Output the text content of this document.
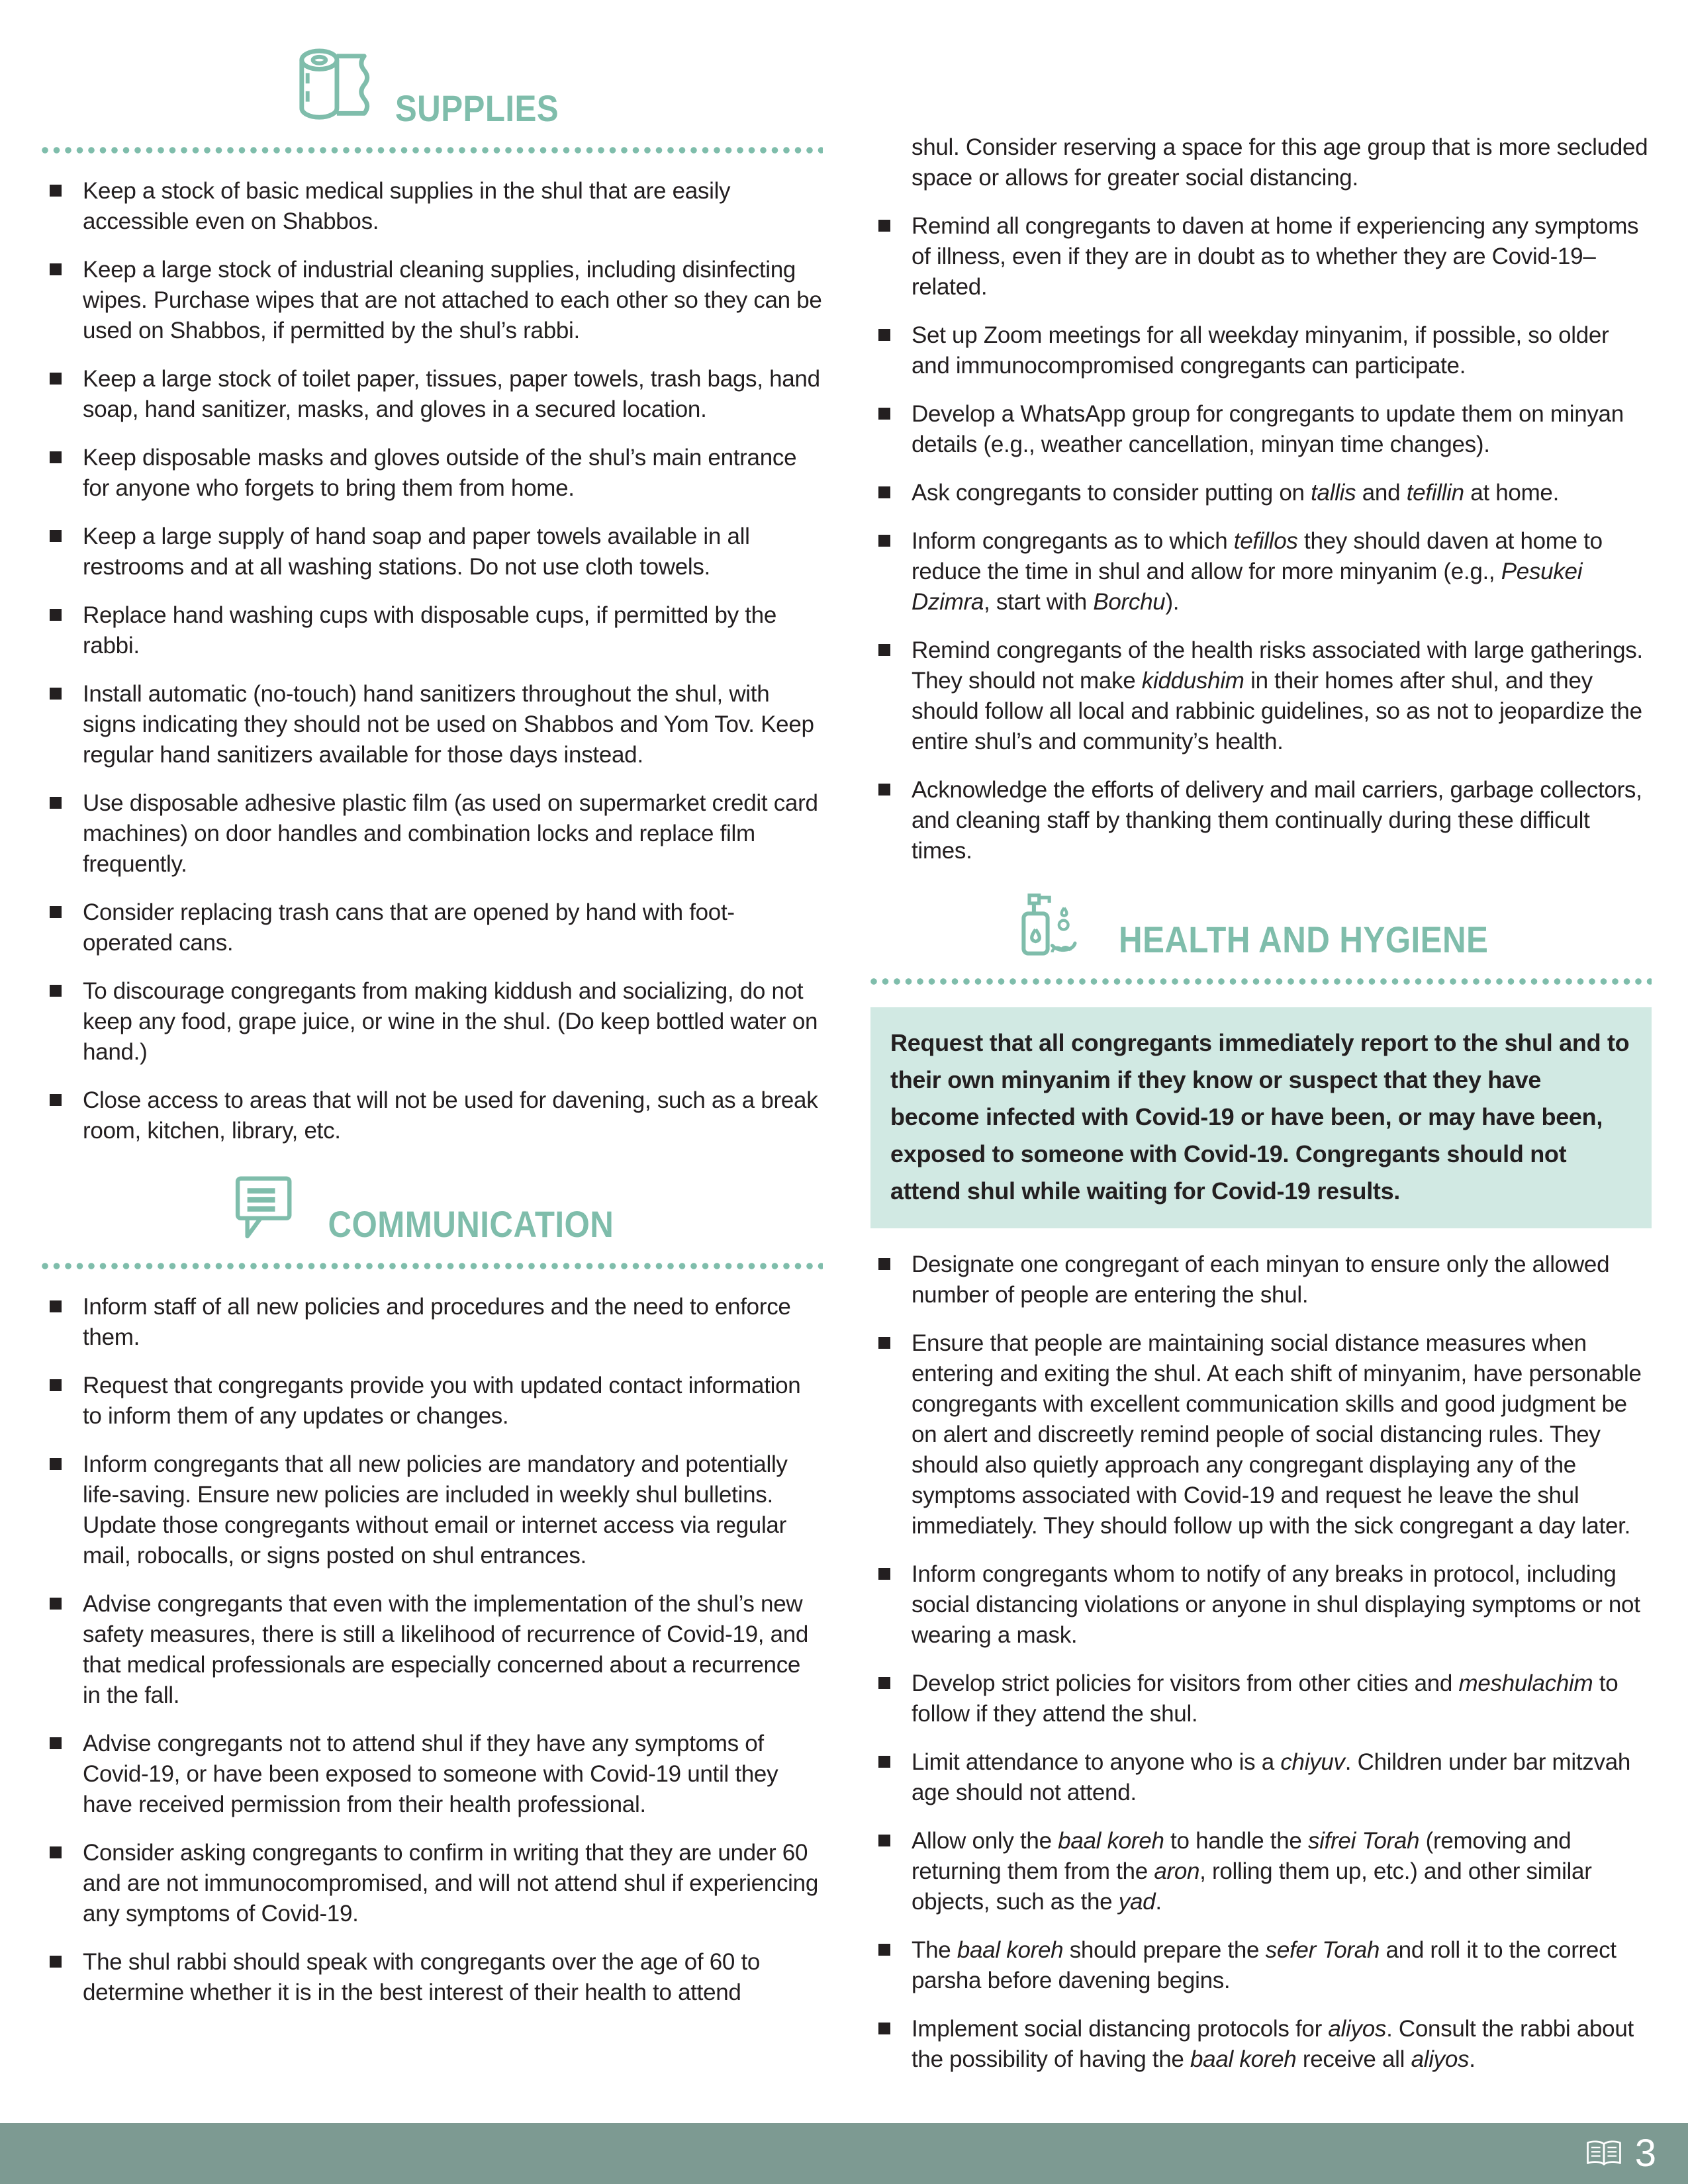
SUPPLIES
Keep a stock of basic medical supplies in the shul that are easily accessible even on Shabbos.
Keep a large stock of industrial cleaning supplies, including disinfecting wipes. Purchase wipes that are not attached to each other so they can be used on Shabbos, if permitted by the shul’s rabbi.
Keep a large stock of toilet paper, tissues, paper towels, trash bags, hand soap, hand sanitizer, masks, and gloves in a secured location.
Keep disposable masks and gloves outside of the shul’s main entrance for anyone who forgets to bring them from home.
Keep a large supply of hand soap and paper towels available in all restrooms and at all washing stations. Do not use cloth towels.
Replace hand washing cups with disposable cups, if permitted by the rabbi.
Install automatic (no-touch) hand sanitizers throughout the shul, with signs indicating they should not be used on Shabbos and Yom Tov. Keep regular hand sanitizers available for those days instead.
Use disposable adhesive plastic film (as used on supermarket credit card machines) on door handles and combination locks and replace film frequently.
Consider replacing trash cans that are opened by hand with foot-operated cans.
To discourage congregants from making kiddush and socializing, do not keep any food, grape juice, or wine in the shul. (Do keep bottled water on hand.)
Close access to areas that will not be used for davening, such as a break room, kitchen, library, etc.
COMMUNICATION
Inform staff of all new policies and procedures and the need to enforce them.
Request that congregants provide you with updated contact information to inform them of any updates or changes.
Inform congregants that all new policies are mandatory and potentially life-saving. Ensure new policies are included in weekly shul bulletins. Update those congregants without email or internet access via regular mail, robocalls, or signs posted on shul entrances.
Advise congregants that even with the implementation of the shul’s new safety measures, there is still a likelihood of recurrence of Covid-19, and that medical professionals are especially concerned about a recurrence in the fall.
Advise congregants not to attend shul if they have any symptoms of Covid-19, or have been exposed to someone with Covid-19 until they have received permission from their health professional.
Consider asking congregants to confirm in writing that they are under 60 and are not immunocompromised, and will not attend shul if experiencing any symptoms of Covid-19.
The shul rabbi should speak with congregants over the age of 60 to determine whether it is in the best interest of their health to attend

shul. Consider reserving a space for this age group that is more secluded space or allows for greater social distancing.

Remind all congregants to daven at home if experiencing any symptoms of illness, even if they are in doubt as to whether they are Covid-19–related.
Set up Zoom meetings for all weekday minyanim, if possible, so older and immunocompromised congregants can participate.
Develop a WhatsApp group for congregants to update them on minyan details (e.g., weather cancellation, minyan time changes).
Ask congregants to consider putting on tallis and tefillin at home.
Inform congregants as to which tefillos they should daven at home to reduce the time in shul and allow for more minyanim (e.g., Pesukei Dzimra, start with Borchu).
Remind congregants of the health risks associated with large gatherings. They should not make kiddushim in their homes after shul, and they should follow all local and rabbinic guidelines, so as not to jeopardize the entire shul’s and community’s health.
Acknowledge the efforts of delivery and mail carriers, garbage collectors, and cleaning staff by thanking them continually during these difficult times.
HEALTH AND HYGIENE
Request that all congregants immediately report to the shul and to their own minyanim if they know or suspect that they have become infected with Covid-19 or have been, or may have been, exposed to someone with Covid-19. Congregants should not attend shul while waiting for Covid-19 results.
Designate one congregant of each minyan to ensure only the allowed number of people are entering the shul.
Ensure that people are maintaining social distance measures when entering and exiting the shul. At each shift of minyanim, have personable congregants with excellent communication skills and good judgment be on alert and discreetly remind people of social distancing rules. They should also quietly approach any congregant displaying any of the symptoms associated with Covid-19 and request he leave the shul immediately. They should follow up with the sick congregant a day later.
Inform congregants whom to notify of any breaks in protocol, including social distancing violations or anyone in shul displaying symptoms or not wearing a mask.
Develop strict policies for visitors from other cities and meshulachim to follow if they attend the shul.
Limit attendance to anyone who is a chiyuv. Children under bar mitzvah age should not attend.
Allow only the baal koreh to handle the sifrei Torah (removing and returning them from the aron, rolling them up, etc.) and other similar objects, such as the yad.
The baal koreh should prepare the sefer Torah and roll it to the correct parsha before davening begins.
Implement social distancing protocols for aliyos. Consult the rabbi about the possibility of having the baal koreh receive all aliyos.
3
